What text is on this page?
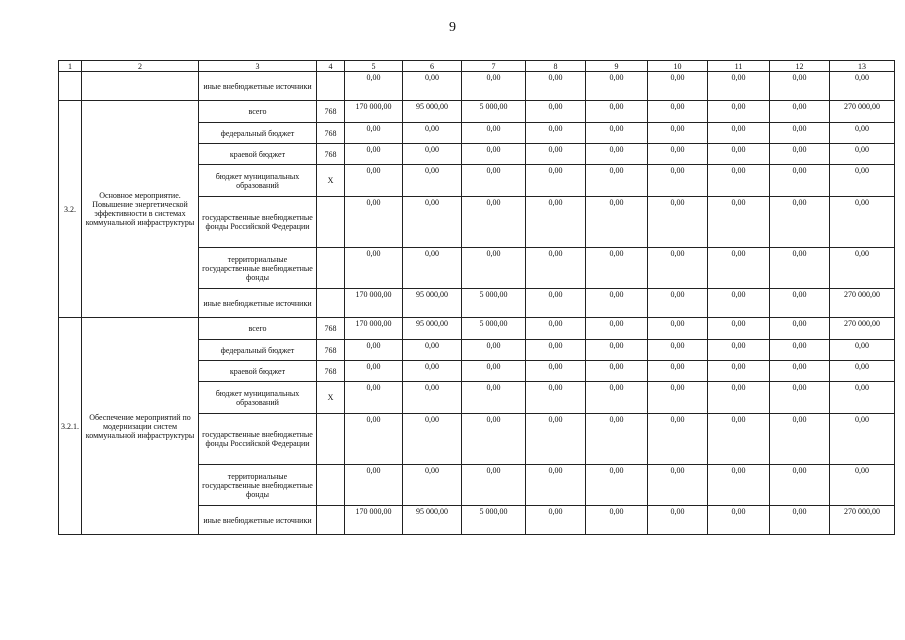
9
1	2	3	4	5	6	7	8	9	10	11	12	13
		иные внебюджетные источники		0,00	0,00	0,00	0,00	0,00	0,00	0,00	0,00	0,00
3.2.	Основное мероприятие. Повышение энергетической эффективности в системах коммунальной инфраструктуры	всего	768	170 000,00	95 000,00	5 000,00	0,00	0,00	0,00	0,00	0,00	270 000,00
		федеральный бюджет	768	0,00	0,00	0,00	0,00	0,00	0,00	0,00	0,00	0,00
		краевой бюджет	768	0,00	0,00	0,00	0,00	0,00	0,00	0,00	0,00	0,00
		бюджет муниципальных образований	X	0,00	0,00	0,00	0,00	0,00	0,00	0,00	0,00	0,00
		государственные внебюджетные фонды Российской Федерации		0,00	0,00	0,00	0,00	0,00	0,00	0,00	0,00	0,00
		территориальные государственные внебюджетные фонды		0,00	0,00	0,00	0,00	0,00	0,00	0,00	0,00	0,00
		иные внебюджетные источники		170 000,00	95 000,00	5 000,00	0,00	0,00	0,00	0,00	0,00	270 000,00
3.2.1.	Обеспечение мероприятий по модернизации систем коммунальной инфраструктуры	всего	768	170 000,00	95 000,00	5 000,00	0,00	0,00	0,00	0,00	0,00	270 000,00
		федеральный бюджет	768	0,00	0,00	0,00	0,00	0,00	0,00	0,00	0,00	0,00
		краевой бюджет	768	0,00	0,00	0,00	0,00	0,00	0,00	0,00	0,00	0,00
		бюджет муниципальных образований	X	0,00	0,00	0,00	0,00	0,00	0,00	0,00	0,00	0,00
		государственные внебюджетные фонды Российской Федерации		0,00	0,00	0,00	0,00	0,00	0,00	0,00	0,00	0,00
		территориальные государственные внебюджетные фонды		0,00	0,00	0,00	0,00	0,00	0,00	0,00	0,00	0,00
		иные внебюджетные источники		170 000,00	95 000,00	5 000,00	0,00	0,00	0,00	0,00	0,00	270 000,00
